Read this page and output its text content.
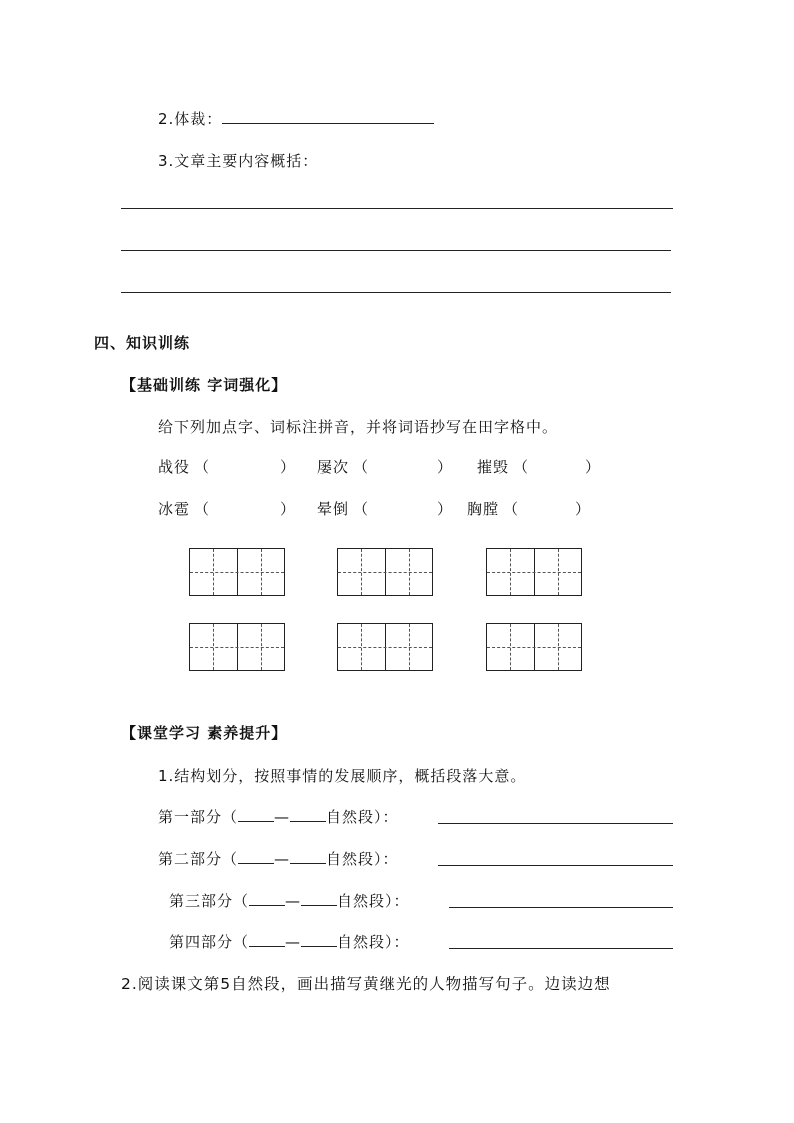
2.体裁：
3.文章主要内容概括：
四、知识训练
【基础训练 字词强化】
给下列加点字、词标注拼音，并将词语抄写在田字格中。
战役 （	） 屡次 （	） 摧毁 （	）
冰雹 （	） 晕倒 （	） 胸膛 （	）
【课堂学习 素养提升】
1.结构划分，按照事情的发展顺序，概括段落大意。
第一部分（ — 自然段）：
第二部分（ — 自然段）：
第三部分（ — 自然段）：
第四部分（ — 自然段）：
2.阅读课文第5自然段，画出描写黄继光的人物描写句子。边读边想
